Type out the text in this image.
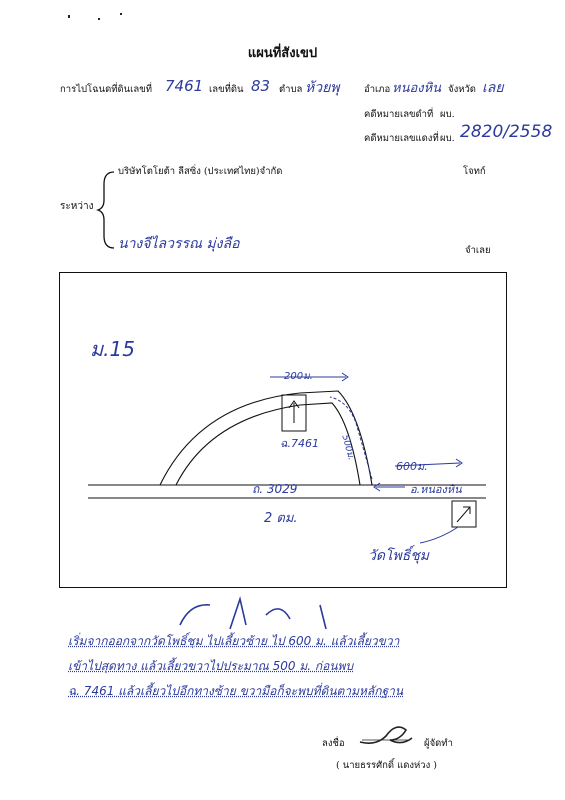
แผนที่สังเขป
การไปโฉนดที่ดินเลขที่ 7461 เลขที่ดิน 83 ตำบล ห้วยพุ	อำเภอ หนองหิน จังหวัด เลย
คดีหมายเลขดำที่ ผบ.
คดีหมายเลขแดงที่ ผบ. 2820/2558
ระหว่าง
บริษัทโตโยต้า ลีสซิ่ง (ประเทศไทย)จำกัด	โจทก์
นางจีไลวรรณ มุ่งลือ	จำเลย
ม.15
200ม.
500ม.
600ม.
ฉ.7461
ถ. 3029
2 ตม.
อ.หนองหิน
วัดโพธิ์ชุม
เริ่มจากออกจากวัดโพธิ์ชุม ไปเลี้ยวซ้าย ไป 600 ม. แล้วเลี้ยวขวา
เข้าไปสุดทาง แล้วเลี้ยวขวาไปประมาณ 500 ม. ก่อนพบ
ฉ. 7461 แล้วเลี้ยวไปอีกทางซ้าย ขวามือก็จะพบที่ดินตามหลักฐาน
ลงชื่อ	ผู้จัดทำ
( นายธรรศักดิ์ แดงห่วง )
